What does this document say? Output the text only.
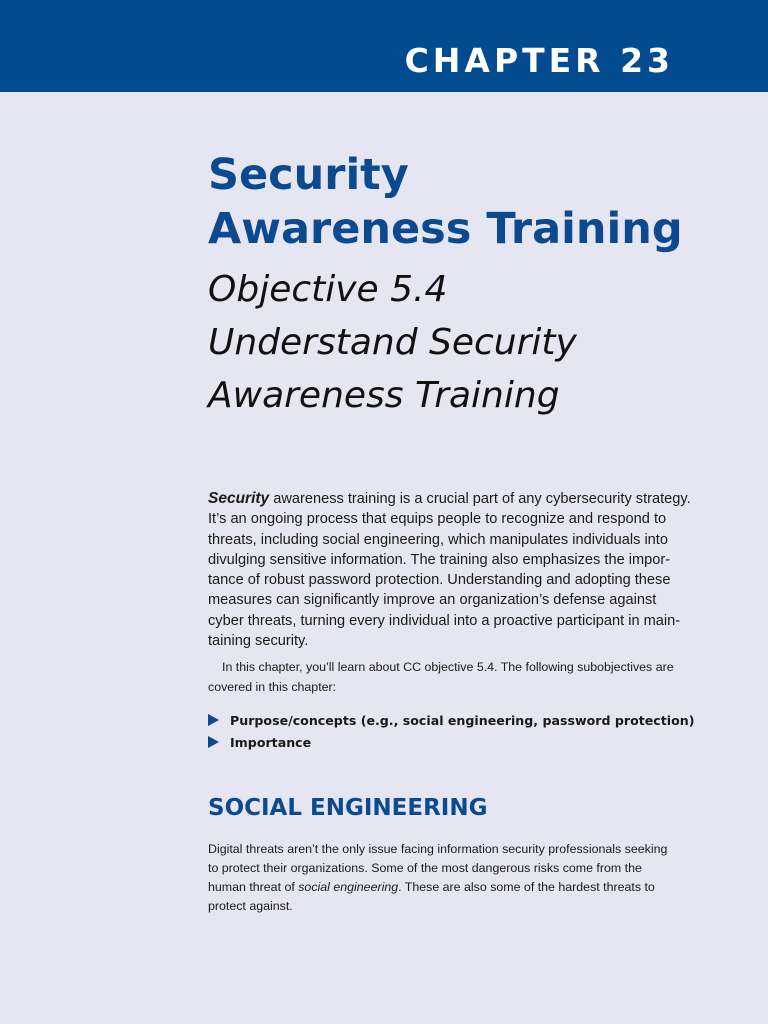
CHAPTER 23
Security
Awareness Training
Objective 5.4
Understand Security
Awareness Training

Security awareness training is a crucial part of any cybersecurity strategy.
It’s an ongoing process that equips people to recognize and respond to
threats, including social engineering, which manipulates individuals into
divulging sensitive information. The training also emphasizes the impor-
tance of robust password protection. Understanding and adopting these
measures can significantly improve an organization’s defense against
cyber threats, turning every individual into a proactive participant in main-
taining security.

In this chapter, you’ll learn about CC objective 5.4. The following subobjectives are
covered in this chapter:

Purpose/concepts (e.g., social engineering, password protection)
Importance
SOCIAL ENGINEERING

Digital threats aren’t the only issue facing information security professionals seeking
to protect their organizations. Some of the most dangerous risks come from the
human threat of social engineering. These are also some of the hardest threats to
protect against.
